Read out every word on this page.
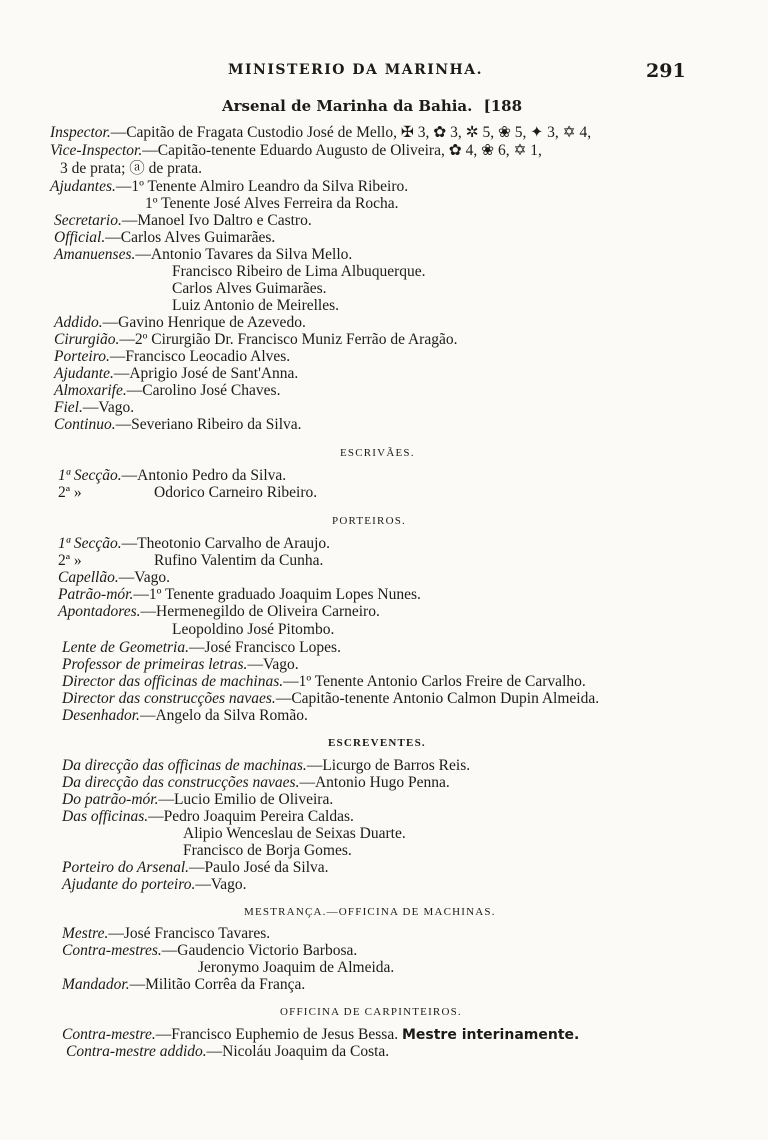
MINISTERIO DA MARINHA.	291
Arsenal de Marinha da Bahia. [188
Inspector.—Capitão de Fragata Custodio José de Mello, ✠ 3, ✿ 3, ✲ 5, ❀ 5, ✦ 3, ✡ 4,
Vice-Inspector.—Capitão-tenente Eduardo Augusto de Oliveira, ✿ 4, ❀ 6, ✡ 1,
3 de prata; ⓐ de prata.
Ajudantes.—1º Tenente Almiro Leandro da Silva Ribeiro.
1º Tenente José Alves Ferreira da Rocha.
Secretario.—Manoel Ivo Daltro e Castro.
Official.—Carlos Alves Guimarães.
Amanuenses.—Antonio Tavares da Silva Mello.
Francisco Ribeiro de Lima Albuquerque.
Carlos Alves Guimarães.
Luiz Antonio de Meirelles.
Addido.—Gavino Henrique de Azevedo.
Cirurgião.—2º Cirurgião Dr. Francisco Muniz Ferrão de Aragão.
Porteiro.—Francisco Leocadio Alves.
Ajudante.—Aprigio José de Sant'Anna.
Almoxarife.—Carolino José Chaves.
Fiel.—Vago.
Continuo.—Severiano Ribeiro da Silva.
ESCRIVÃES.
1ª Secção.—Antonio Pedro da Silva.
2ª »	Odorico Carneiro Ribeiro.
PORTEIROS.
1ª Secção.—Theotonio Carvalho de Araujo.
2ª »	Rufino Valentim da Cunha.
Capellão.—Vago.
Patrão-mór.—1º Tenente graduado Joaquim Lopes Nunes.
Apontadores.—Hermenegildo de Oliveira Carneiro.
Leopoldino José Pitombo.
Lente de Geometria.—José Francisco Lopes.
Professor de primeiras letras.—Vago.
Director das officinas de machinas.—1º Tenente Antonio Carlos Freire de Carvalho.
Director das construcções navaes.—Capitão-tenente Antonio Calmon Dupin Almeida.
Desenhador.—Angelo da Silva Romão.
ESCREVENTES.
Da direcção das officinas de machinas.—Licurgo de Barros Reis.
Da direcção das construcções navaes.—Antonio Hugo Penna.
Do patrão-mór.—Lucio Emilio de Oliveira.
Das officinas.—Pedro Joaquim Pereira Caldas.
Alipio Wenceslau de Seixas Duarte.
Francisco de Borja Gomes.
Porteiro do Arsenal.—Paulo José da Silva.
Ajudante do porteiro.—Vago.
MESTRANÇA.—OFFICINA DE MACHINAS.
Mestre.—José Francisco Tavares.
Contra-mestres.—Gaudencio Victorio Barbosa.
Jeronymo Joaquim de Almeida.
Mandador.—Militão Corrêa da França.
OFFICINA DE CARPINTEIROS.
Contra-mestre.—Francisco Euphemio de Jesus Bessa. Mestre interinamente.
Contra-mestre addido.—Nicoláu Joaquim da Costa.
